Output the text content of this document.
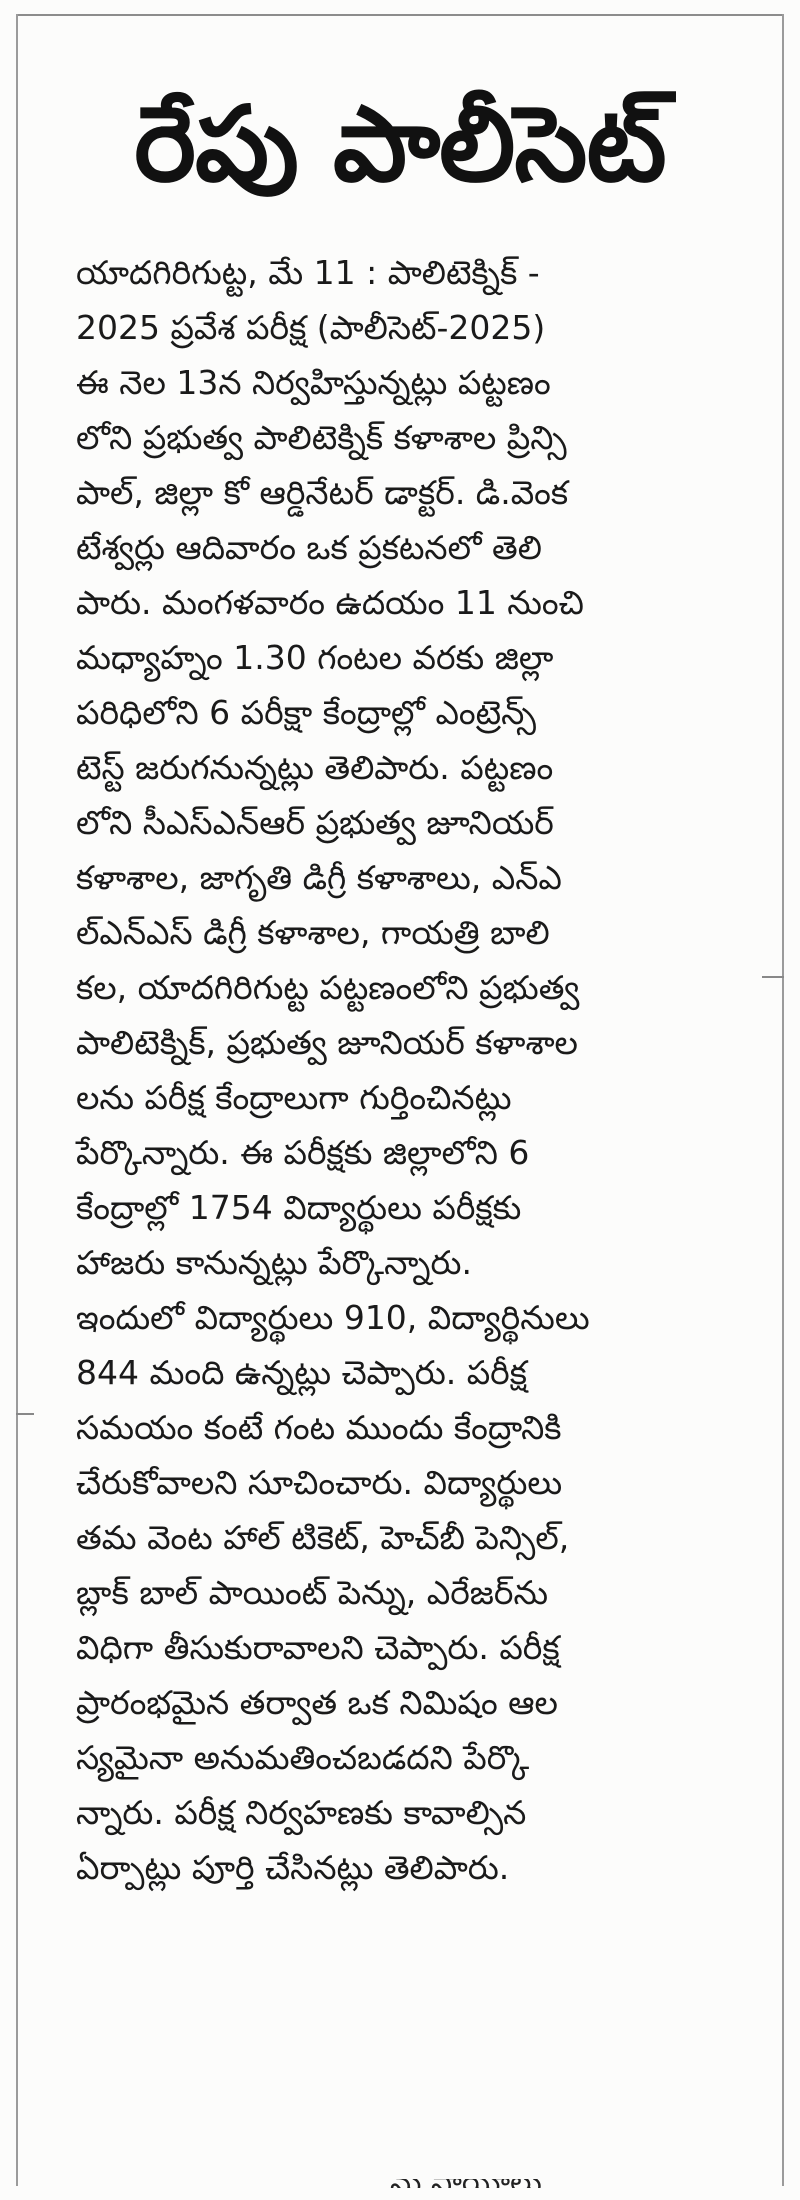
రేపు పాలీసెట్
యాదగిరిగుట్ట, మే 11 : పాలిటెక్నిక్ -
2025 ప్రవేశ పరీక్ష (పాలీసెట్-2025)
ఈ నెల 13న నిర్వహిస్తున్నట్లు పట్టణం
లోని ప్రభుత్వ పాలిటెక్నిక్ కళాశాల ప్రిన్సి
పాల్, జిల్లా కో ఆర్డినేటర్ డాక్టర్. డి.వెంక
టేశ్వర్లు ఆదివారం ఒక ప్రకటనలో తెలి
పారు. మంగళవారం ఉదయం 11 నుంచి
మధ్యాహ్నం 1.30 గంటల వరకు జిల్లా
పరిధిలోని 6 పరీక్షా కేంద్రాల్లో ఎంట్రెన్స్
టెస్ట్ జరుగనున్నట్లు తెలిపారు. పట్టణం
లోని సీఎస్ఎన్ఆర్ ప్రభుత్వ జూనియర్
కళాశాల, జాగృతి డిగ్రీ కళాశాలు, ఎన్ఎ
ల్ఎన్ఎస్ డిగ్రీ కళాశాల, గాయత్రి బాలి
కల, యాదగిరిగుట్ట పట్టణంలోని ప్రభుత్వ
పాలిటెక్నిక్, ప్రభుత్వ జూనియర్ కళాశాల
లను పరీక్ష కేంద్రాలుగా గుర్తించినట్లు
పేర్కొన్నారు. ఈ పరీక్షకు జిల్లాలోని 6
కేంద్రాల్లో 1754 విద్యార్థులు పరీక్షకు
హాజరు కానున్నట్లు పేర్కొన్నారు.
ఇందులో విద్యార్థులు 910, విద్యార్థినులు
844 మంది ఉన్నట్లు చెప్పారు. పరీక్ష
సమయం కంటే గంట ముందు కేంద్రానికి
చేరుకోవాలని సూచించారు. విద్యార్థులు
తమ వెంట హాల్ టికెట్, హెచ్‌బీ పెన్సిల్,
బ్లాక్ బాల్ పాయింట్ పెన్ను, ఎరేజర్‌ను
విధిగా తీసుకురావాలని చెప్పారు. పరీక్ష
ప్రారంభమైన తర్వాత ఒక నిమిషం ఆల
స్యమైనా అనుమతించబడదని పేర్కొ
న్నారు. పరీక్ష నిర్వహణకు కావాల్సిన
ఏర్పాట్లు పూర్తి చేసినట్లు తెలిపారు.
